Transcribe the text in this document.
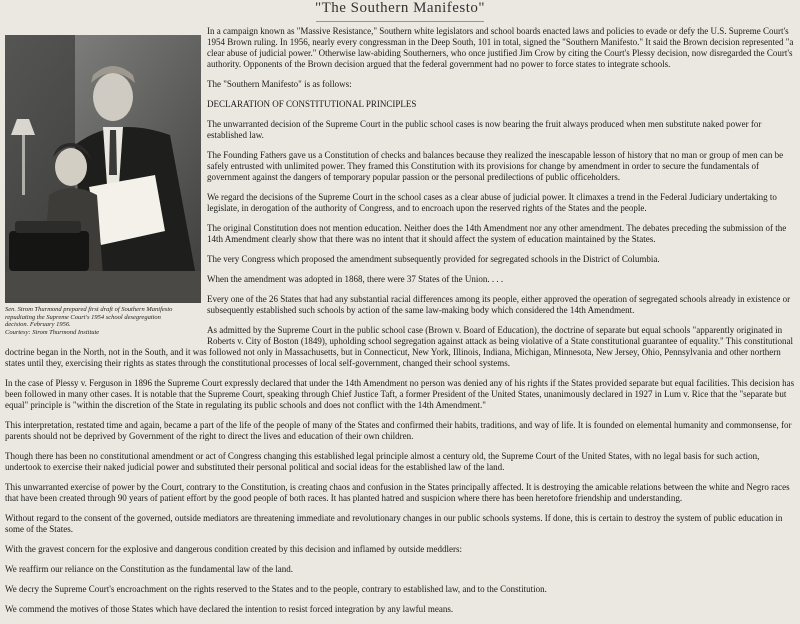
"The Southern Manifesto"
Sen. Strom Thurmond prepared first draft of Southern Manifesto
repudiating the Supreme Court's 1954 school desegregation
decision. February 1956.
Courtesy: Strom Thurmond Institute

In a campaign known as "Massive Resistance," Southern white legislators and school boards enacted laws and policies to evade or defy the U.S. Supreme Court's 1954 Brown ruling. In 1956, nearly every congressman in the Deep South, 101 in total, signed the "Southern Manifesto." It said the Brown decision represented "a clear abuse of judicial power." Otherwise law-abiding Southerners, who once justified Jim Crow by citing the Court's Plessy decision, now disregarded the Court's authority. Opponents of the Brown decision argued that the federal government had no power to force states to integrate schools.

The "Southern Manifesto" is as follows:

DECLARATION OF CONSTITUTIONAL PRINCIPLES

The unwarranted decision of the Supreme Court in the public school cases is now bearing the fruit always produced when men substitute naked power for established law.

The Founding Fathers gave us a Constitution of checks and balances because they realized the inescapable lesson of history that no man or group of men can be safely entrusted with unlimited power. They framed this Constitution with its provisions for change by amendment in order to secure the fundamentals of government against the dangers of temporary popular passion or the personal predilections of public officeholders.

We regard the decisions of the Supreme Court in the school cases as a clear abuse of judicial power. It climaxes a trend in the Federal Judiciary undertaking to legislate, in derogation of the authority of Congress, and to encroach upon the reserved rights of the States and the people.

The original Constitution does not mention education. Neither does the 14th Amendment nor any other amendment. The debates preceding the submission of the 14th Amendment clearly show that there was no intent that it should affect the system of education maintained by the States.

The very Congress which proposed the amendment subsequently provided for segregated schools in the District of Columbia.

When the amendment was adopted in 1868, there were 37 States of the Union. . . .

Every one of the 26 States that had any substantial racial differences among its people, either approved the operation of segregated schools already in existence or subsequently established such schools by action of the same law-making body which considered the 14th Amendment.

As admitted by the Supreme Court in the public school case (Brown v. Board of Education), the doctrine of separate but equal schools "apparently originated in Roberts v. City of Boston (1849), upholding school segregation against attack as being violative of a State constitutional guarantee of equality." This constitutional doctrine began in the North, not in the South, and it was followed not only in Massachusetts, but in Connecticut, New York, Illinois, Indiana, Michigan, Minnesota, New Jersey, Ohio, Pennsylvania and other northern states until they, exercising their rights as states through the constitutional processes of local self-government, changed their school systems.

In the case of Plessy v. Ferguson in 1896 the Supreme Court expressly declared that under the 14th Amendment no person was denied any of his rights if the States provided separate but equal facilities. This decision has been followed in many other cases. It is notable that the Supreme Court, speaking through Chief Justice Taft, a former President of the United States, unanimously declared in 1927 in Lum v. Rice that the "separate but equal" principle is "within the discretion of the State in regulating its public schools and does not conflict with the 14th Amendment."

This interpretation, restated time and again, became a part of the life of the people of many of the States and confirmed their habits, traditions, and way of life. It is founded on elemental humanity and commonsense, for parents should not be deprived by Government of the right to direct the lives and education of their own children.

Though there has been no constitutional amendment or act of Congress changing this established legal principle almost a century old, the Supreme Court of the United States, with no legal basis for such action, undertook to exercise their naked judicial power and substituted their personal political and social ideas for the established law of the land.

This unwarranted exercise of power by the Court, contrary to the Constitution, is creating chaos and confusion in the States principally affected. It is destroying the amicable relations between the white and Negro races that have been created through 90 years of patient effort by the good people of both races. It has planted hatred and suspicion where there has been heretofore friendship and understanding.

Without regard to the consent of the governed, outside mediators are threatening immediate and revolutionary changes in our public schools systems. If done, this is certain to destroy the system of public education in some of the States.

With the gravest concern for the explosive and dangerous condition created by this decision and inflamed by outside meddlers:

We reaffirm our reliance on the Constitution as the fundamental law of the land.

We decry the Supreme Court's encroachment on the rights reserved to the States and to the people, contrary to established law, and to the Constitution.

We commend the motives of those States which have declared the intention to resist forced integration by any lawful means.
